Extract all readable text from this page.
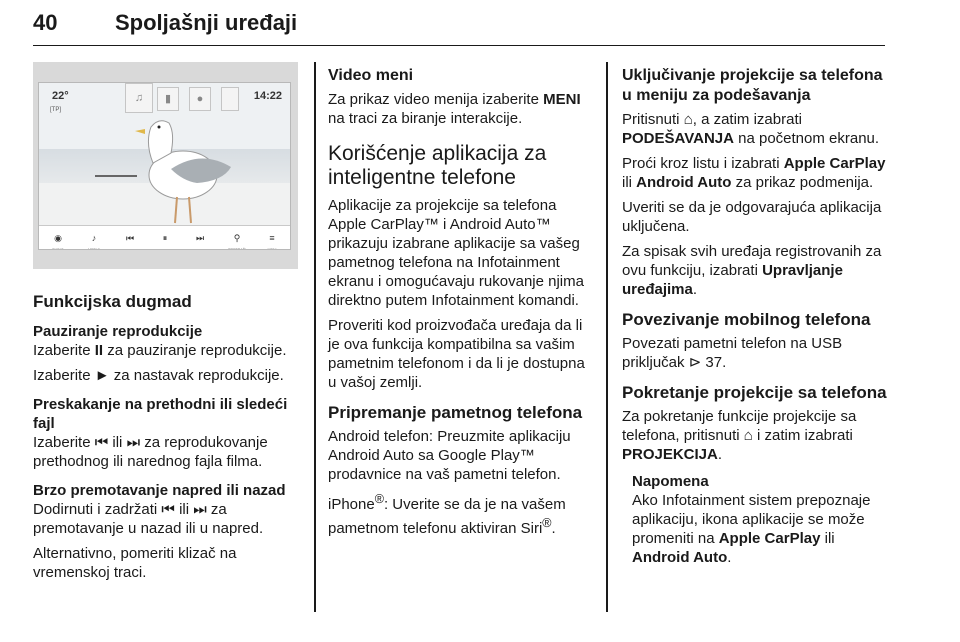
40	Spoljašnji uređaji
22°
[TP]
14:22
♫	▮	●
◉
RADIO
♪
MEDIJI
⏮	⏸	⏭	⚲
PRETRAŽI
≡
MENI
Funkcijska dugmad
Pauziranje reprodukcije

Izaberite II za pauziranje reprodukcije.

Izaberite ► za nastavak reprodukcije.

Preskakanje na prethodni ili sledeći fajl

Izaberite ⏮ ili ⏭ za reprodukovanje prethodnog ili narednog fajla filma.

Brzo premotavanje napred ili nazad

Dodirnuti i zadržati ⏮ ili ⏭ za premotavanje u nazad ili u napred.

Alternativno, pomeriti klizač na vremenskoj traci.

Video meni

Za prikaz video menija izaberite MENI na traci za biranje interakcije.

Korišćenje aplikacija za inteligentne telefone

Aplikacije za projekcije sa telefona Apple CarPlay™ i Android Auto™ prikazuju izabrane aplikacije sa vašeg pametnog telefona na Infotainment ekranu i omogućavaju rukovanje njima direktno putem Infotainment komandi.

Proveriti kod proizvođača uređaja da li je ova funkcija kompatibilna sa vašim pametnim telefonom i da li je dostupna u vašoj zemlji.

Pripremanje pametnog telefona

Android telefon: Preuzmite aplikaciju Android Auto sa Google Play™ prodavnice na vaš pametni telefon.

iPhone®: Uverite se da je na vašem pametnom telefonu aktiviran Siri®.

Uključivanje projekcije sa telefona u meniju za podešavanja

Pritisnuti ⌂, a zatim izabrati PODEŠAVANJA na početnom ekranu.

Proći kroz listu i izabrati Apple CarPlay ili Android Auto za prikaz podmenija.

Uveriti se da je odgovarajuća aplikacija uključena.

Za spisak svih uređaja registrovanih za ovu funkciju, izabrati Upravljanje uređajima.

Povezivanje mobilnog telefona

Povezati pametni telefon na USB priključak ⊳ 37.

Pokretanje projekcije sa telefona

Za pokretanje funkcije projekcije sa telefona, pritisnuti ⌂ i zatim izabrati PROJEKCIJA.

Napomena

Ako Infotainment sistem prepoznaje aplikaciju, ikona aplikacije se može promeniti na Apple CarPlay ili Android Auto.
